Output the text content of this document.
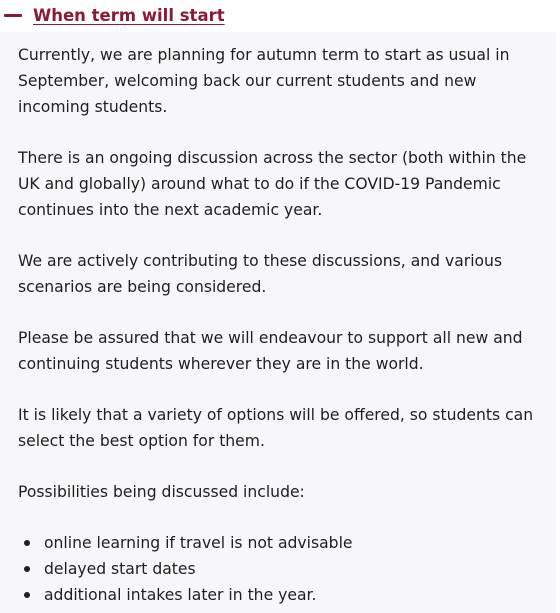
When term will start

Currently, we are planning for autumn term to start as usual in September, welcoming back our current students and new incoming students.

There is an ongoing discussion across the sector (both within the UK and globally) around what to do if the COVID-19 Pandemic continues into the next academic year.

We are actively contributing to these discussions, and various scenarios are being considered.

Please be assured that we will endeavour to support all new and continuing students wherever they are in the world.

It is likely that a variety of options will be offered, so students can select the best option for them.

Possibilities being discussed include:

online learning if travel is not advisable
delayed start dates
additional intakes later in the year.
